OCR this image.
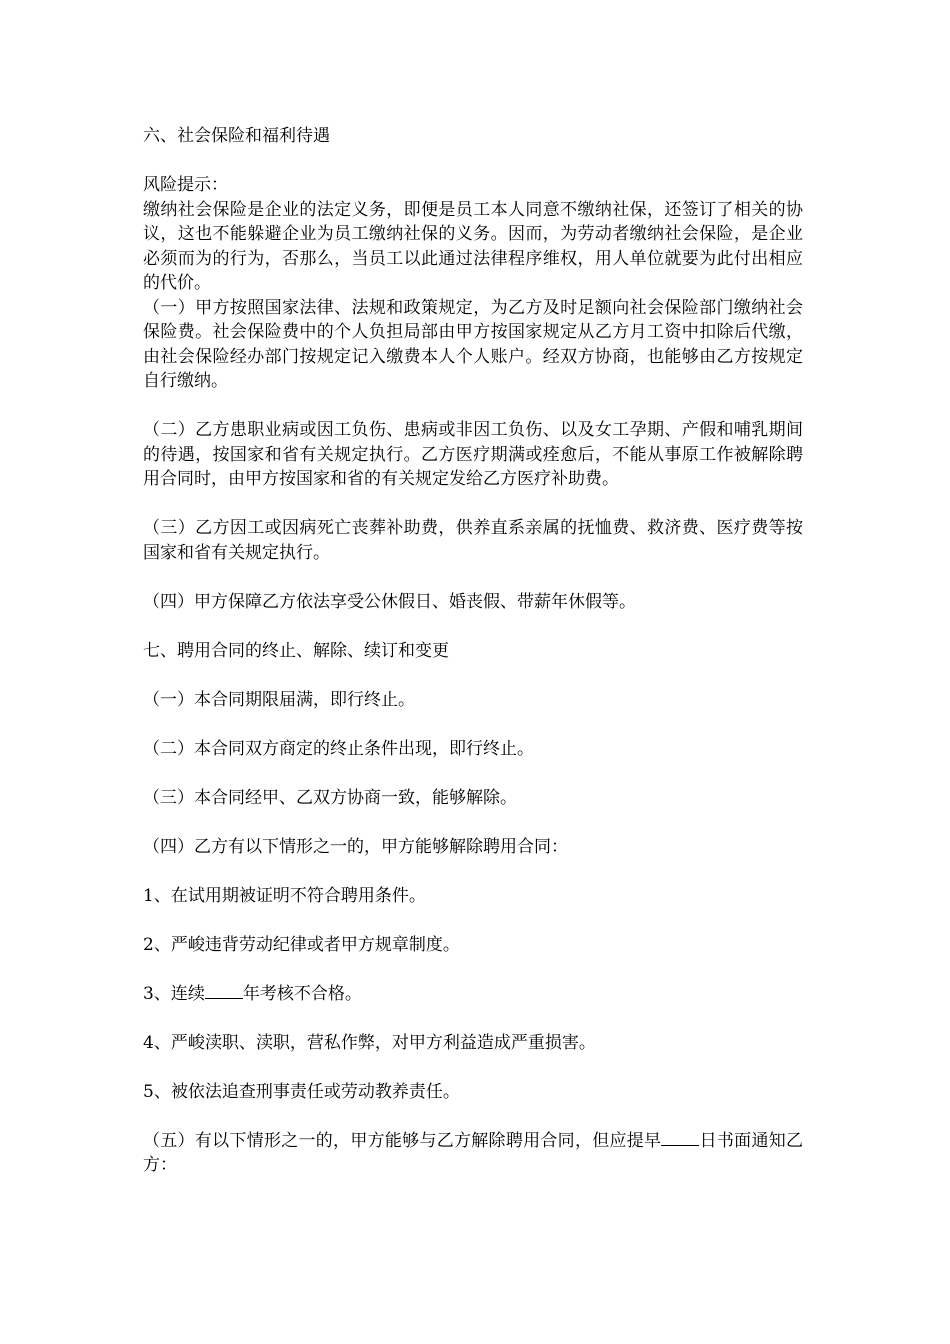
六、社会保险和福利待遇

风险提示：

缴纳社会保险是企业的法定义务，即便是员工本人同意不缴纳社保，还签订了相关的协议，这也不能躲避企业为员工缴纳社保的义务。因而，为劳动者缴纳社会保险，是企业必须而为的行为，否那么，当员工以此通过法律程序维权，用人单位就要为此付出相应的代价。

（一）甲方按照国家法律、法规和政策规定，为乙方及时足额向社会保险部门缴纳社会保险费。社会保险费中的个人负担局部由甲方按国家规定从乙方月工资中扣除后代缴，由社会保险经办部门按规定记入缴费本人个人账户。经双方协商，也能够由乙方按规定自行缴纳。

（二）乙方患职业病或因工负伤、患病或非因工负伤、以及女工孕期、产假和哺乳期间的待遇，按国家和省有关规定执行。乙方医疗期满或痊愈后，不能从事原工作被解除聘用合同时，由甲方按国家和省的有关规定发给乙方医疗补助费。

（三）乙方因工或因病死亡丧葬补助费，供养直系亲属的抚恤费、救济费、医疗费等按国家和省有关规定执行。

（四）甲方保障乙方依法享受公休假日、婚丧假、带薪年休假等。

七、聘用合同的终止、解除、续订和变更

（一）本合同期限届满，即行终止。

（二）本合同双方商定的终止条件出现，即行终止。

（三）本合同经甲、乙双方协商一致，能够解除。

（四）乙方有以下情形之一的，甲方能够解除聘用合同：

1、在试用期被证明不符合聘用条件。

2、严峻违背劳动纪律或者甲方规章制度。

3、连续 年考核不合格。

4、严峻渎职、渎职，营私作弊，对甲方利益造成严重损害。

5、被依法追查刑事责任或劳动教养责任。

（五）有以下情形之一的，甲方能够与乙方解除聘用合同，但应提早 日书面通知乙方：
